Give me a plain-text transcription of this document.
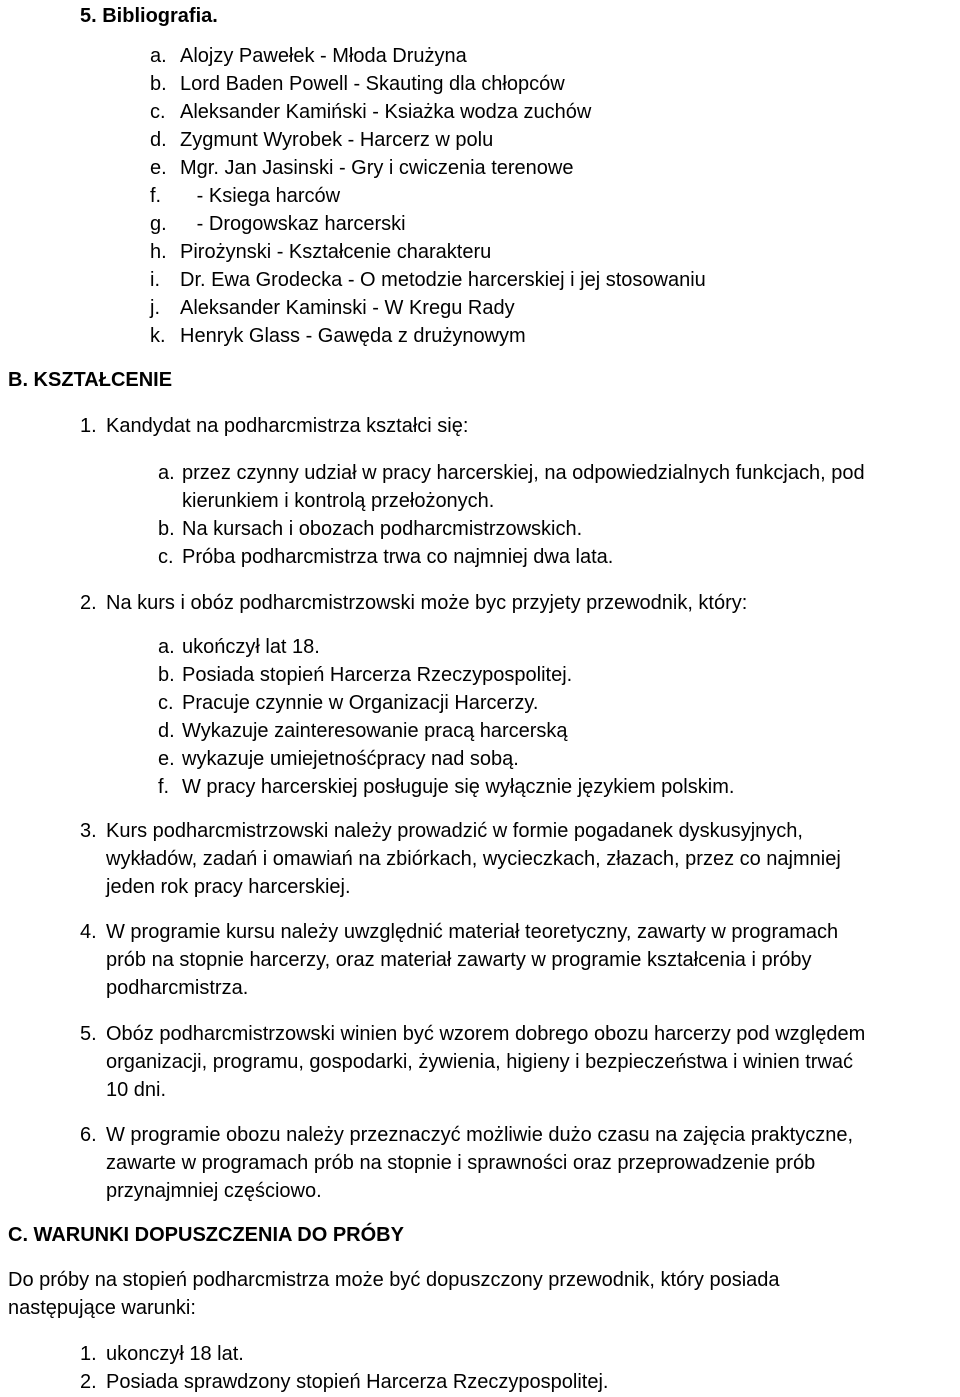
5. Bibliografia.
a. Alojzy Pawełek - Młoda Drużyna
b. Lord Baden Powell - Skauting dla chłopców
c. Aleksander Kamiński - Ksiażka wodza zuchów
d. Zygmunt Wyrobek - Harcerz w polu
e. Mgr. Jan Jasinski - Gry i cwiczenia terenowe
f.   - Ksiega harców
g.   - Drogowskaz harcerski
h. Pirożynski - Kształcenie charakteru
i. Dr. Ewa Grodecka - O metodzie harcerskiej i jej stosowaniu
j. Aleksander Kaminski - W Kregu Rady
k. Henryk Glass - Gawęda z drużynowym
B. KSZTAŁCENIE
1. Kandydat na podharcmistrza kształci się:
a. przez czynny udział w pracy harcerskiej, na odpowiedzialnych funkcjach, pod
kierunkiem i kontrolą przełożonych.
b. Na kursach i obozach podharcmistrzowskich.
c. Próba podharcmistrza trwa co najmniej dwa lata.
2. Na kurs i obóz podharcmistrzowski może byc przyjety przewodnik, który:
a. ukończył lat 18.
b. Posiada stopień Harcerza Rzeczypospolitej.
c. Pracuje czynnie w Organizacji Harcerzy.
d. Wykazuje zainteresowanie pracą harcerską
e. wykazuje umiejetnośćpracy nad sobą.
f. W pracy harcerskiej posługuje się wyłącznie językiem polskim.
3. Kurs podharcmistrzowski należy prowadzić w formie pogadanek dyskusyjnych,
wykładów, zadań i omawiań na zbiórkach, wycieczkach, złazach, przez co najmniej
jeden rok pracy harcerskiej.
4. W programie kursu należy uwzględnić materiał teoretyczny, zawarty w programach
prób na stopnie harcerzy, oraz materiał zawarty w programie kształcenia i próby
podharcmistrza.
5. Obóz podharcmistrzowski winien być wzorem dobrego obozu harcerzy pod względem
organizacji, programu, gospodarki, żywienia, higieny i bezpieczeństwa i winien trwać
10 dni.
6. W programie obozu należy przeznaczyć możliwie dużo czasu na zajęcia praktyczne,
zawarte w programach prób na stopnie i sprawności oraz przeprowadzenie prób
przynajmniej częściowo.
C. WARUNKI DOPUSZCZENIA DO PRÓBY
Do próby na stopień podharcmistrza może być dopuszczony przewodnik, który posiada
następujące warunki:
1. ukonczył 18 lat.
2. Posiada sprawdzony stopień Harcerza Rzeczypospolitej.
